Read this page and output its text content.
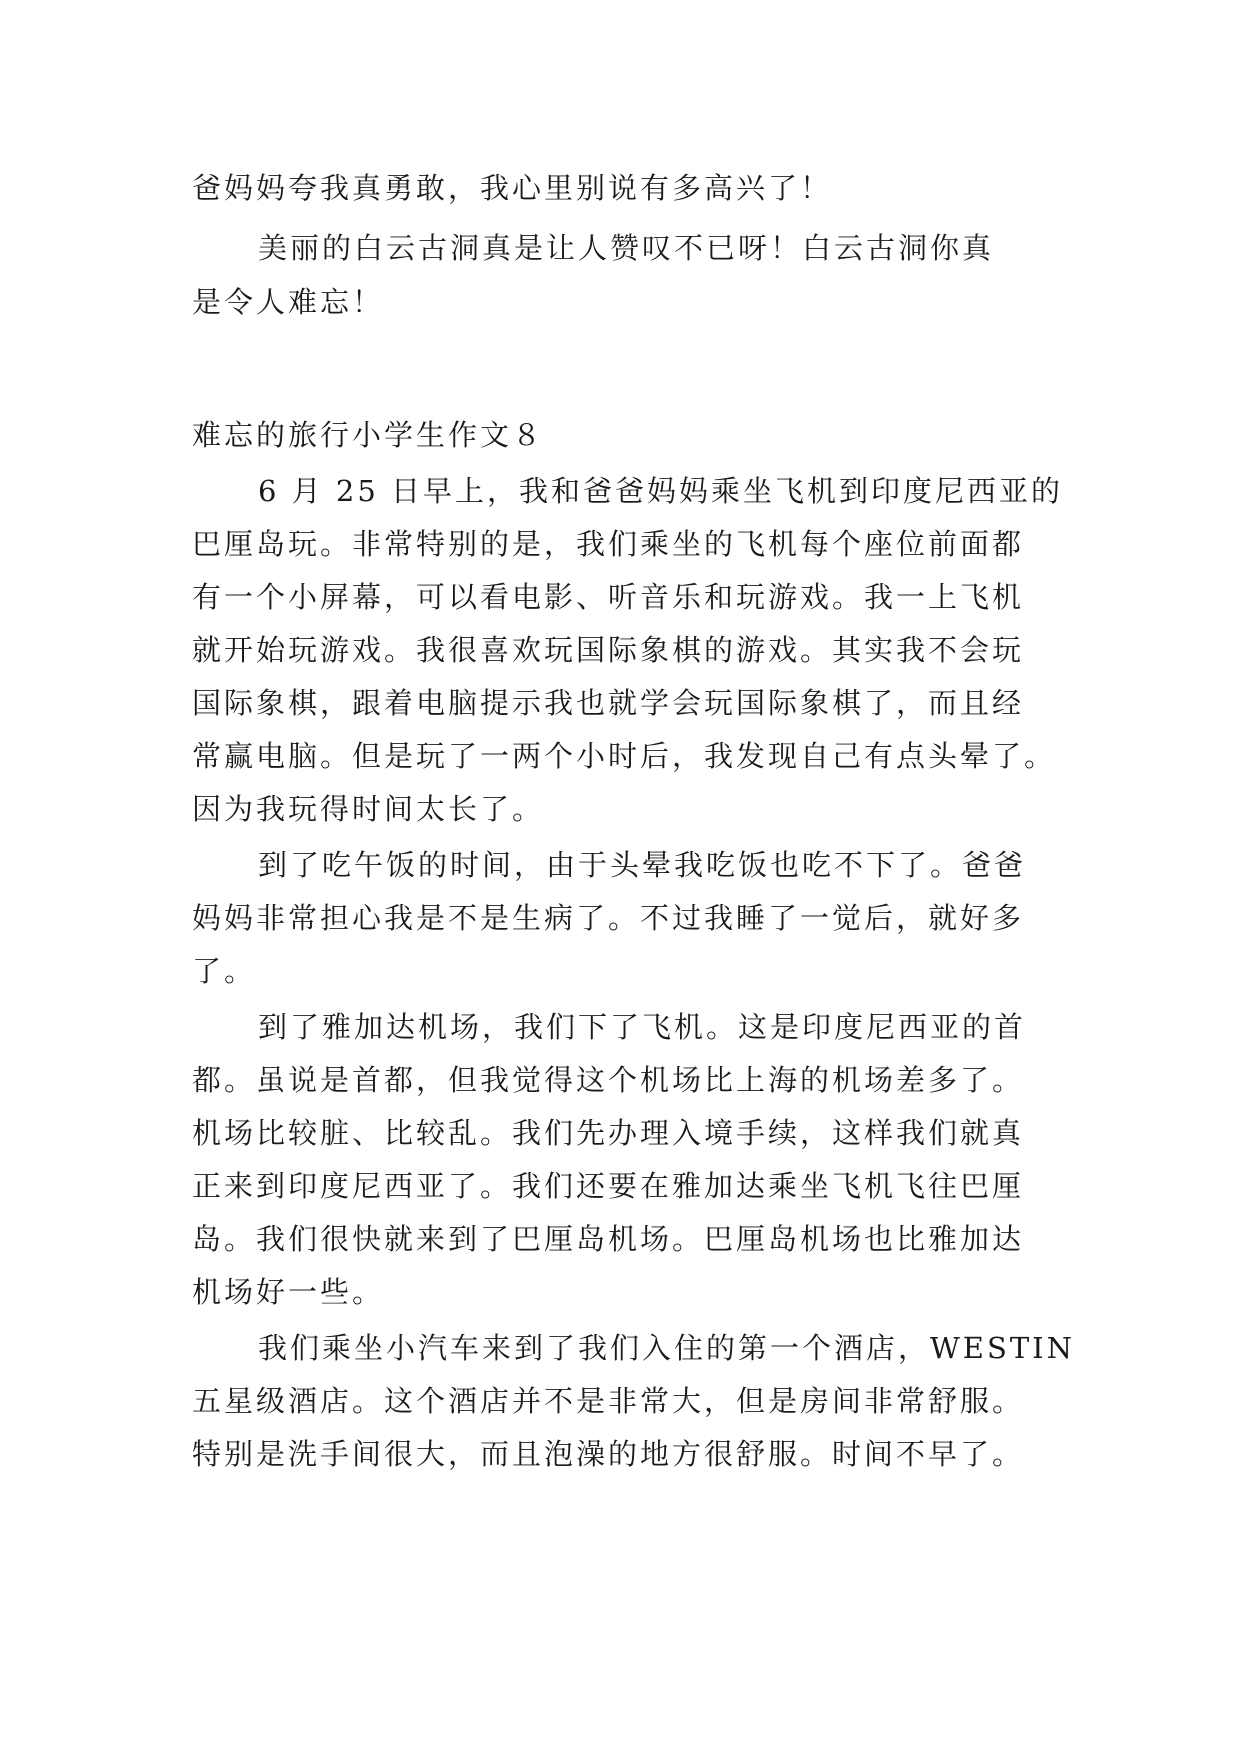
爸妈妈夸我真勇敢，我心里别说有多高兴了！
美丽的白云古洞真是让人赞叹不已呀！白云古洞你真
是令人难忘！
难忘的旅行小学生作文８
6 月 25 日早上，我和爸爸妈妈乘坐飞机到印度尼西亚的
巴厘岛玩。非常特别的是，我们乘坐的飞机每个座位前面都
有一个小屏幕，可以看电影、听音乐和玩游戏。我一上飞机
就开始玩游戏。我很喜欢玩国际象棋的游戏。其实我不会玩
国际象棋，跟着电脑提示我也就学会玩国际象棋了，而且经
常赢电脑。但是玩了一两个小时后，我发现自己有点头晕了。
因为我玩得时间太长了。
到了吃午饭的时间，由于头晕我吃饭也吃不下了。爸爸
妈妈非常担心我是不是生病了。不过我睡了一觉后，就好多
了。
到了雅加达机场，我们下了飞机。这是印度尼西亚的首
都。虽说是首都，但我觉得这个机场比上海的机场差多了。
机场比较脏、比较乱。我们先办理入境手续，这样我们就真
正来到印度尼西亚了。我们还要在雅加达乘坐飞机飞往巴厘
岛。我们很快就来到了巴厘岛机场。巴厘岛机场也比雅加达
机场好一些。
我们乘坐小汽车来到了我们入住的第一个酒店，WESTIN
五星级酒店。这个酒店并不是非常大，但是房间非常舒服。
特别是洗手间很大，而且泡澡的地方很舒服。时间不早了。
